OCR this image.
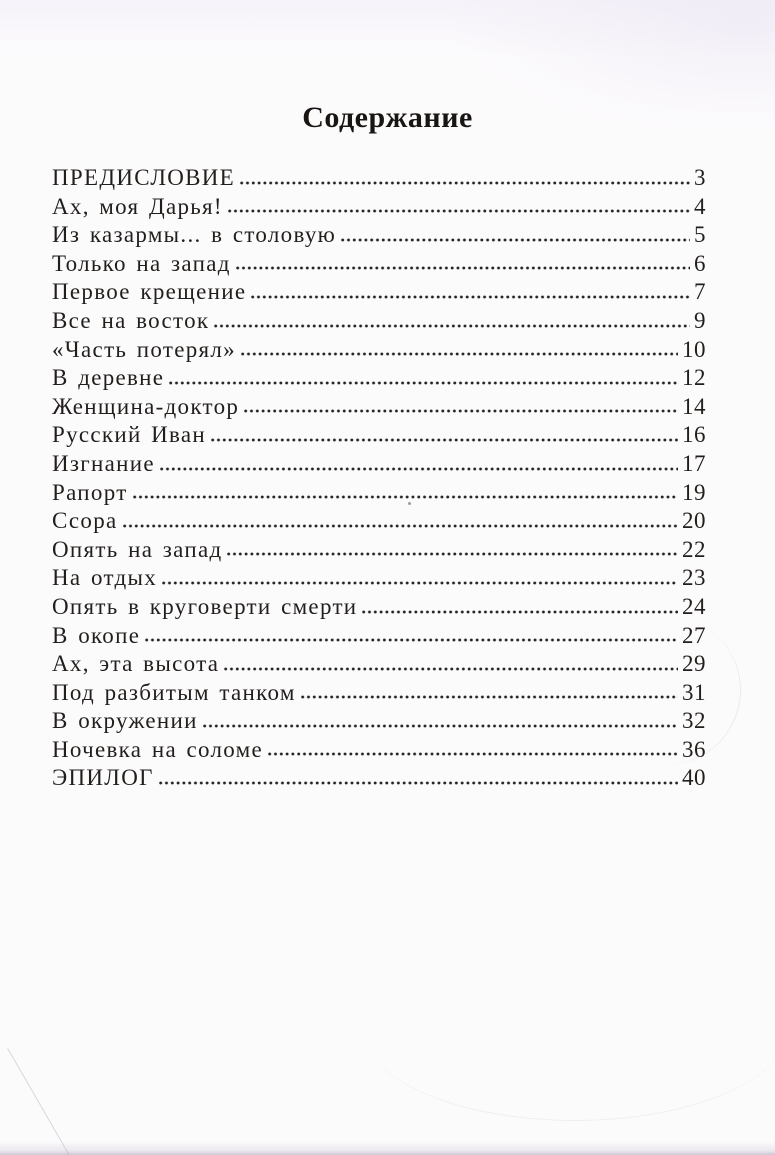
Содержание
ПРЕДИСЛОВИЕ	3
Ах, моя Дарья!	4
Из казармы... в столовую	5
Только на запад	6
Первое крещение	7
Все на восток	9
«Часть потерял»	10
В деревне	12
Женщина-доктор	14
Русский Иван	16
Изгнание	17
Рапорт	19
Ссора	20
Опять на запад	22
На отдых	23
Опять в круговерти смерти	24
В окопе	27
Ах, эта высота	29
Под разбитым танком	31
В окружении	32
Ночевка на соломе	36
ЭПИЛОГ	40
